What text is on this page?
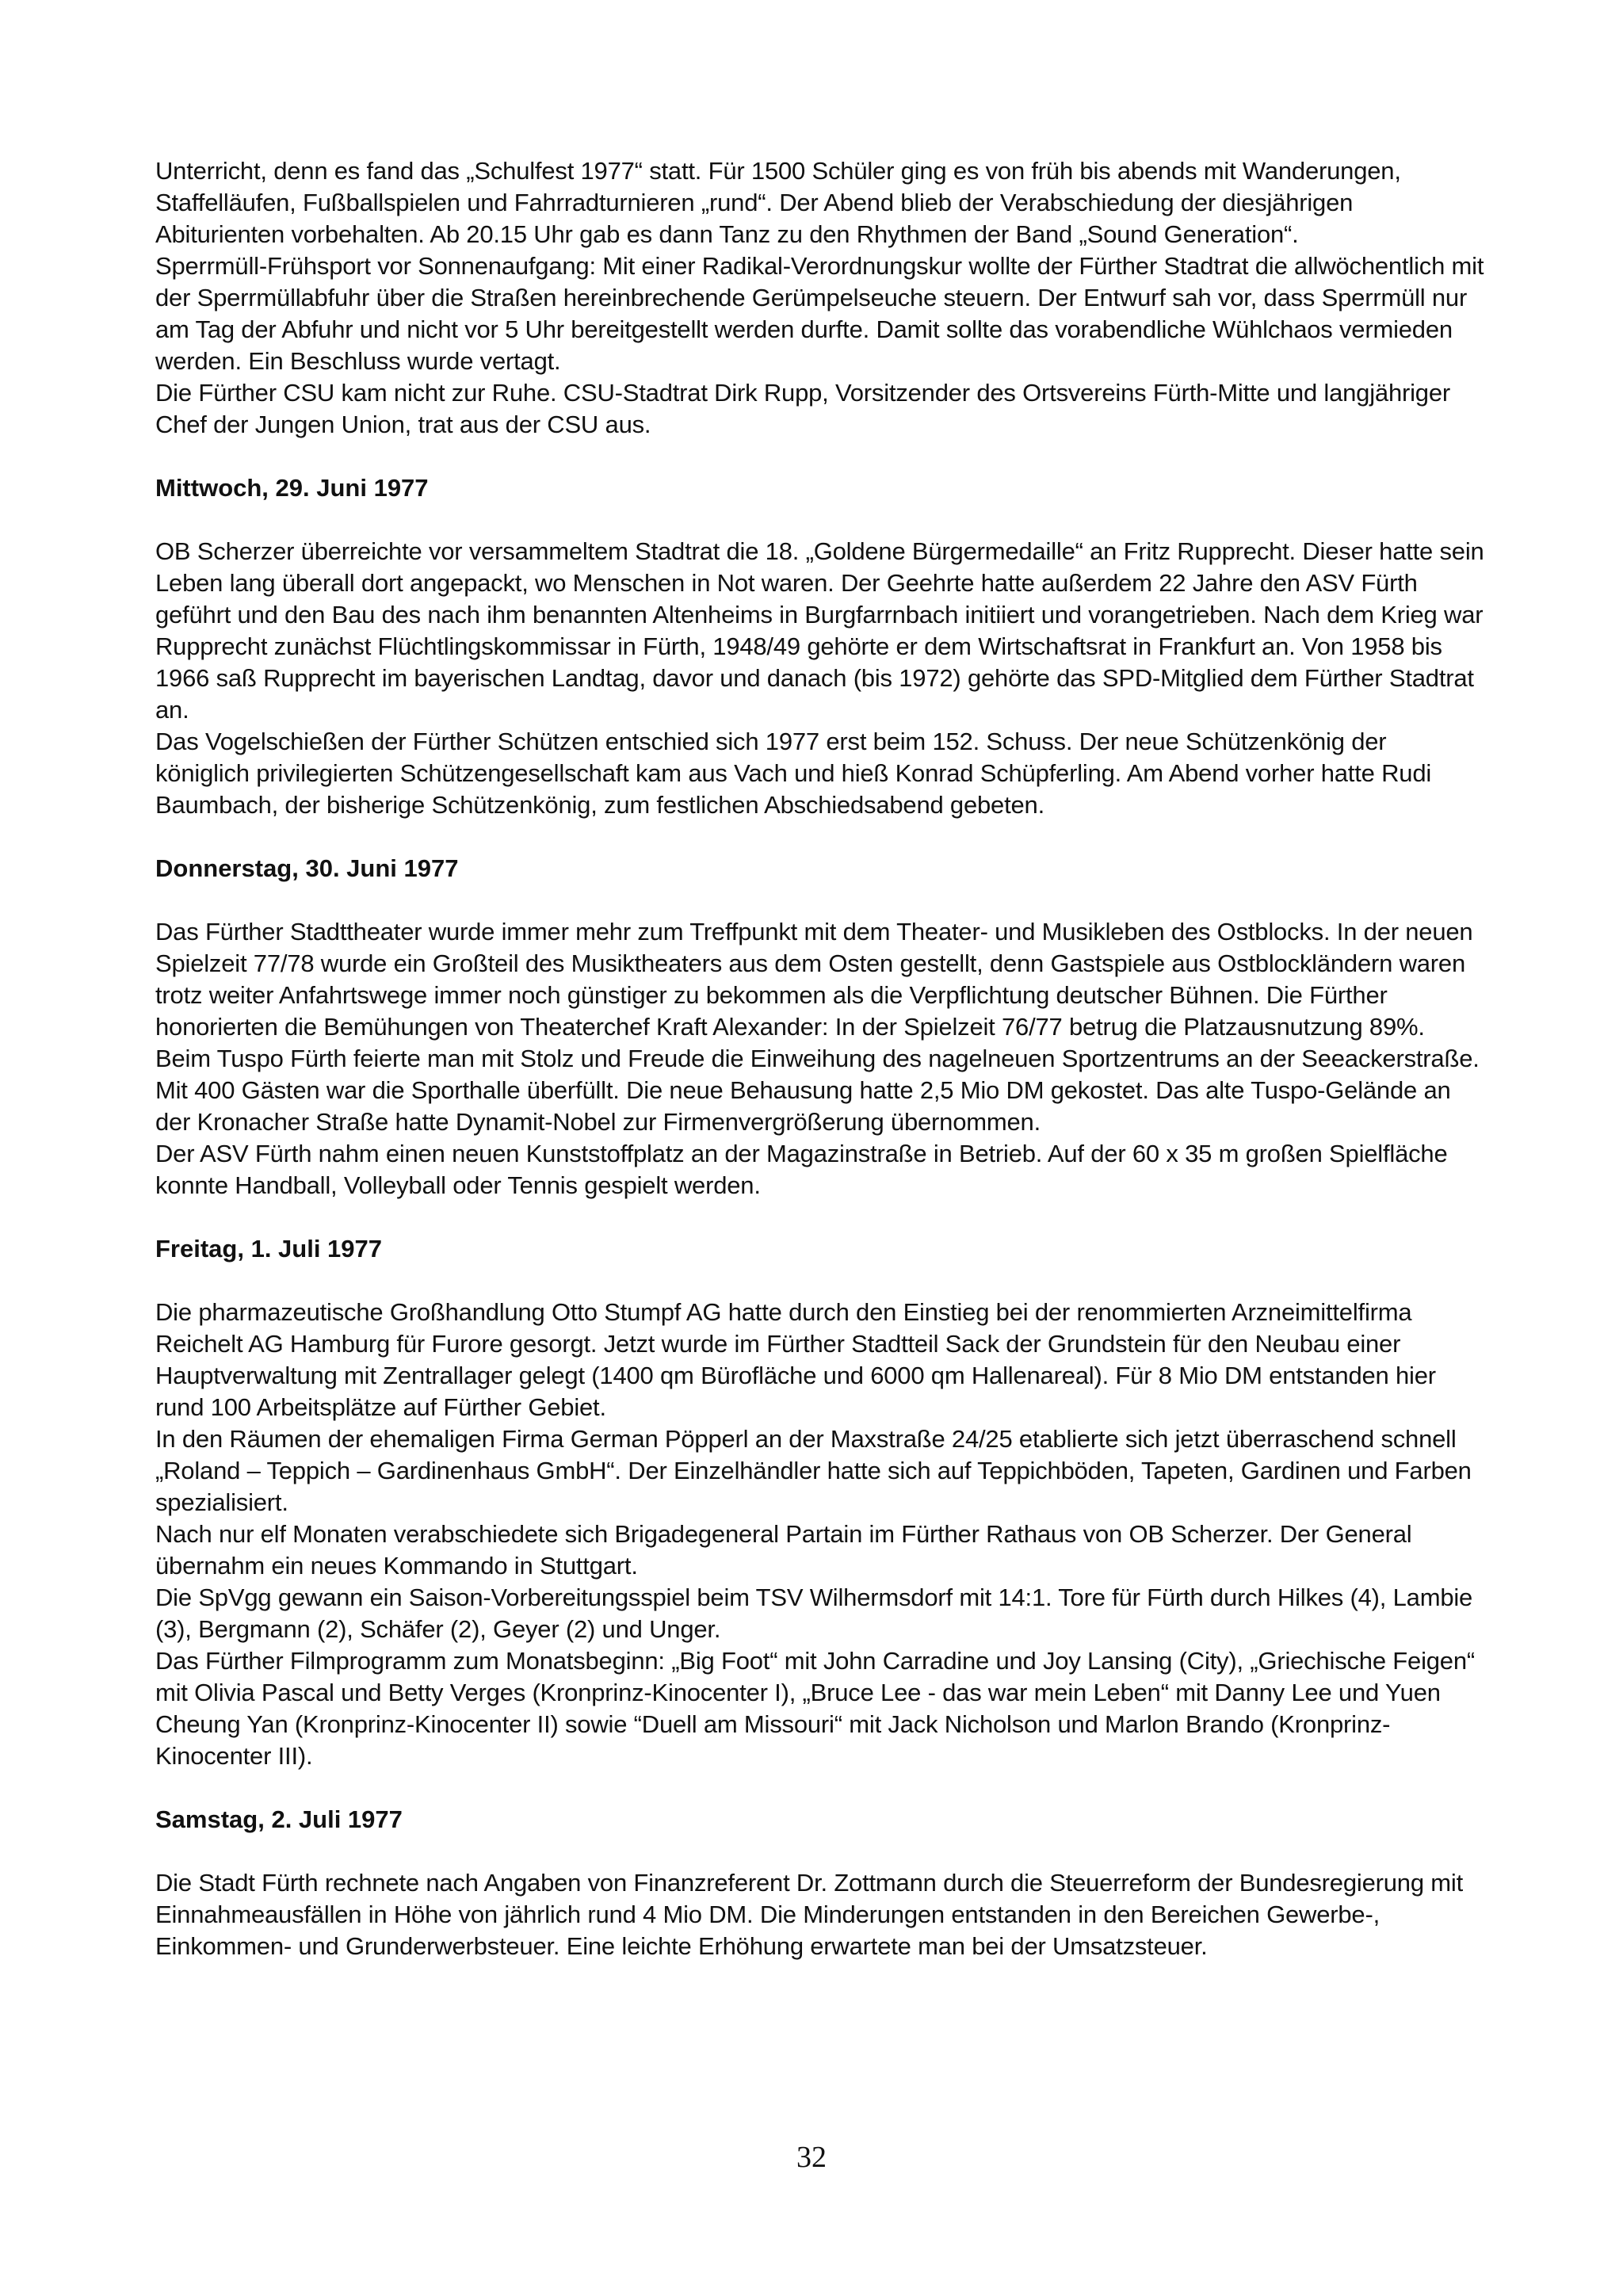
Unterricht, denn es fand das „Schulfest 1977“ statt. Für 1500 Schüler ging es von früh bis abends mit Wanderungen, Staffelläufen, Fußballspielen und Fahrradturnieren „rund“. Der Abend blieb der Verabschiedung der diesjährigen Abiturienten vorbehalten. Ab 20.15 Uhr gab es dann Tanz zu den Rhythmen der Band „Sound Generation“.

Sperrmüll-Frühsport vor Sonnenaufgang: Mit einer Radikal-Verordnungskur wollte der Fürther Stadtrat die allwöchentlich mit der Sperrmüllabfuhr über die Straßen hereinbrechende Gerümpelseuche steuern. Der Entwurf sah vor, dass Sperrmüll nur am Tag der Abfuhr und nicht vor 5 Uhr bereitgestellt werden durfte. Damit sollte das vorabendliche Wühlchaos vermieden werden. Ein Beschluss wurde vertagt.

Die Fürther CSU kam nicht zur Ruhe. CSU-Stadtrat Dirk Rupp, Vorsitzender des Ortsvereins Fürth-Mitte und langjähriger Chef der Jungen Union, trat aus der CSU aus.

Mittwoch, 29. Juni 1977

OB Scherzer überreichte vor versammeltem Stadtrat die 18. „Goldene Bürgermedaille“ an Fritz Rupprecht. Dieser hatte sein Leben lang überall dort angepackt, wo Menschen in Not waren. Der Geehrte hatte außerdem 22 Jahre den ASV Fürth geführt und den Bau des nach ihm benannten Altenheims in Burgfarrnbach initiiert und vorangetrieben. Nach dem Krieg war Rupprecht zunächst Flüchtlingskommissar in Fürth, 1948/49 gehörte er dem Wirtschaftsrat in Frankfurt an. Von 1958 bis 1966 saß Rupprecht im bayerischen Landtag, davor und danach (bis 1972) gehörte das SPD-Mitglied dem Fürther Stadtrat an.

Das Vogelschießen der Fürther Schützen entschied sich 1977 erst beim 152. Schuss. Der neue Schützenkönig der königlich privilegierten Schützengesellschaft kam aus Vach und hieß Konrad Schüpferling. Am Abend vorher hatte Rudi Baumbach, der bisherige Schützenkönig, zum festlichen Abschiedsabend gebeten.

Donnerstag, 30. Juni 1977

Das Fürther Stadttheater wurde immer mehr zum Treffpunkt mit dem Theater- und Musikleben des Ostblocks. In der neuen Spielzeit 77/78 wurde ein Großteil des Musiktheaters aus dem Osten gestellt, denn Gastspiele aus Ostblockländern waren trotz weiter Anfahrtswege immer noch günstiger zu bekommen als die Verpflichtung deutscher Bühnen. Die Fürther honorierten die Bemühungen von Theaterchef Kraft Alexander: In der Spielzeit 76/77 betrug die Platzausnutzung 89%.

Beim Tuspo Fürth feierte man mit Stolz und Freude die Einweihung des nagelneuen Sportzentrums an der Seeackerstraße. Mit 400 Gästen war die Sporthalle überfüllt. Die neue Behausung hatte 2,5 Mio DM gekostet. Das alte Tuspo-Gelände an der Kronacher Straße hatte Dynamit-Nobel zur Firmenvergrößerung übernommen.

Der ASV Fürth nahm einen neuen Kunststoffplatz an der Magazinstraße in Betrieb. Auf der 60 x 35 m großen Spielfläche konnte Handball, Volleyball oder Tennis gespielt werden.

Freitag, 1. Juli 1977

Die pharmazeutische Großhandlung Otto Stumpf AG hatte durch den Einstieg bei der renommierten Arzneimittelfirma Reichelt AG Hamburg für Furore gesorgt. Jetzt wurde im Fürther Stadtteil Sack der Grundstein für den Neubau einer Hauptverwaltung mit Zentrallager gelegt (1400 qm Bürofläche und 6000 qm Hallenareal). Für 8 Mio DM entstanden hier rund 100 Arbeitsplätze auf Fürther Gebiet.

In den Räumen der ehemaligen Firma German Pöpperl an der Maxstraße 24/25 etablierte sich jetzt überraschend schnell „Roland – Teppich – Gardinenhaus GmbH“. Der Einzelhändler hatte sich auf Teppichböden, Tapeten, Gardinen und Farben spezialisiert.

Nach nur elf Monaten verabschiedete sich Brigadegeneral Partain im Fürther Rathaus von OB Scherzer. Der General übernahm ein neues Kommando in Stuttgart.

Die SpVgg gewann ein Saison-Vorbereitungsspiel beim TSV Wilhermsdorf mit 14:1. Tore für Fürth durch Hilkes (4), Lambie (3), Bergmann (2), Schäfer (2), Geyer (2) und Unger.

Das Fürther Filmprogramm zum Monatsbeginn: „Big Foot“ mit John Carradine und Joy Lansing (City), „Griechische Feigen“ mit Olivia Pascal und Betty Verges (Kronprinz-Kinocenter I), „Bruce Lee - das war mein Leben“ mit Danny Lee und Yuen Cheung Yan (Kronprinz-Kinocenter II) sowie “Duell am Missouri“ mit Jack Nicholson und Marlon Brando (Kronprinz-Kinocenter III).

Samstag, 2. Juli 1977

Die Stadt Fürth rechnete nach Angaben von Finanzreferent Dr. Zottmann durch die Steuerreform der Bundesregierung mit Einnahmeausfällen in Höhe von jährlich rund 4 Mio DM. Die Minderungen entstanden in den Bereichen Gewerbe-, Einkommen- und Grunderwerbsteuer. Eine leichte Erhöhung erwartete man bei der Umsatzsteuer.

32
